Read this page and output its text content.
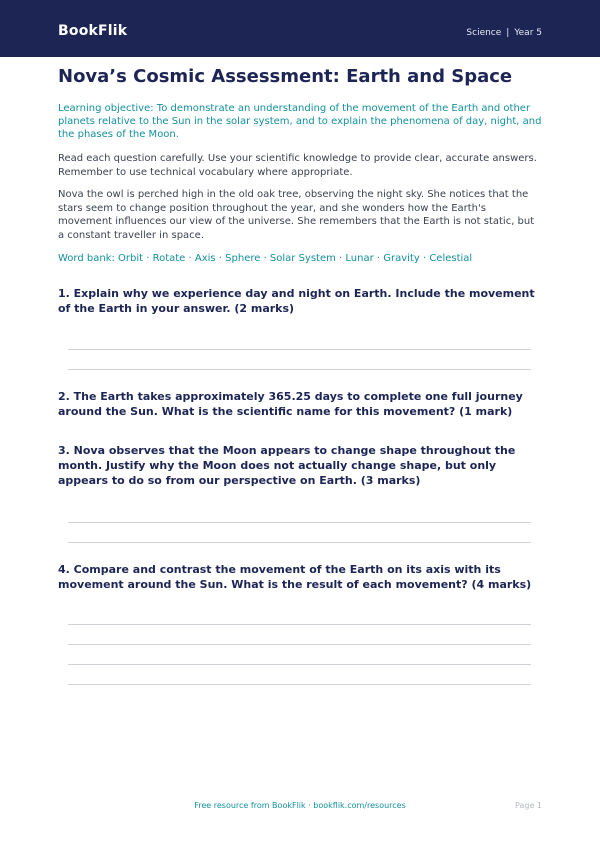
BookFlik	Science | Year 5
Nova’s Cosmic Assessment: Earth and Space
Learning objective: To demonstrate an understanding of the movement of the Earth and other planets relative to the Sun in the solar system, and to explain the phenomena of day, night, and the phases of the Moon.
Read each question carefully. Use your scientific knowledge to provide clear, accurate answers. Remember to use technical vocabulary where appropriate.
Nova the owl is perched high in the old oak tree, observing the night sky. She notices that the stars seem to change position throughout the year, and she wonders how the Earth's movement influences our view of the universe. She remembers that the Earth is not static, but a constant traveller in space.
Word bank: Orbit · Rotate · Axis · Sphere · Solar System · Lunar · Gravity · Celestial
1. Explain why we experience day and night on Earth. Include the movement of the Earth in your answer. (2 marks)
2. The Earth takes approximately 365.25 days to complete one full journey around the Sun. What is the scientific name for this movement? (1 mark)
3. Nova observes that the Moon appears to change shape throughout the month. Justify why the Moon does not actually change shape, but only appears to do so from our perspective on Earth. (3 marks)
4. Compare and contrast the movement of the Earth on its axis with its movement around the Sun. What is the result of each movement? (4 marks)
Free resource from BookFlik · bookflik.com/resources	Page 1
